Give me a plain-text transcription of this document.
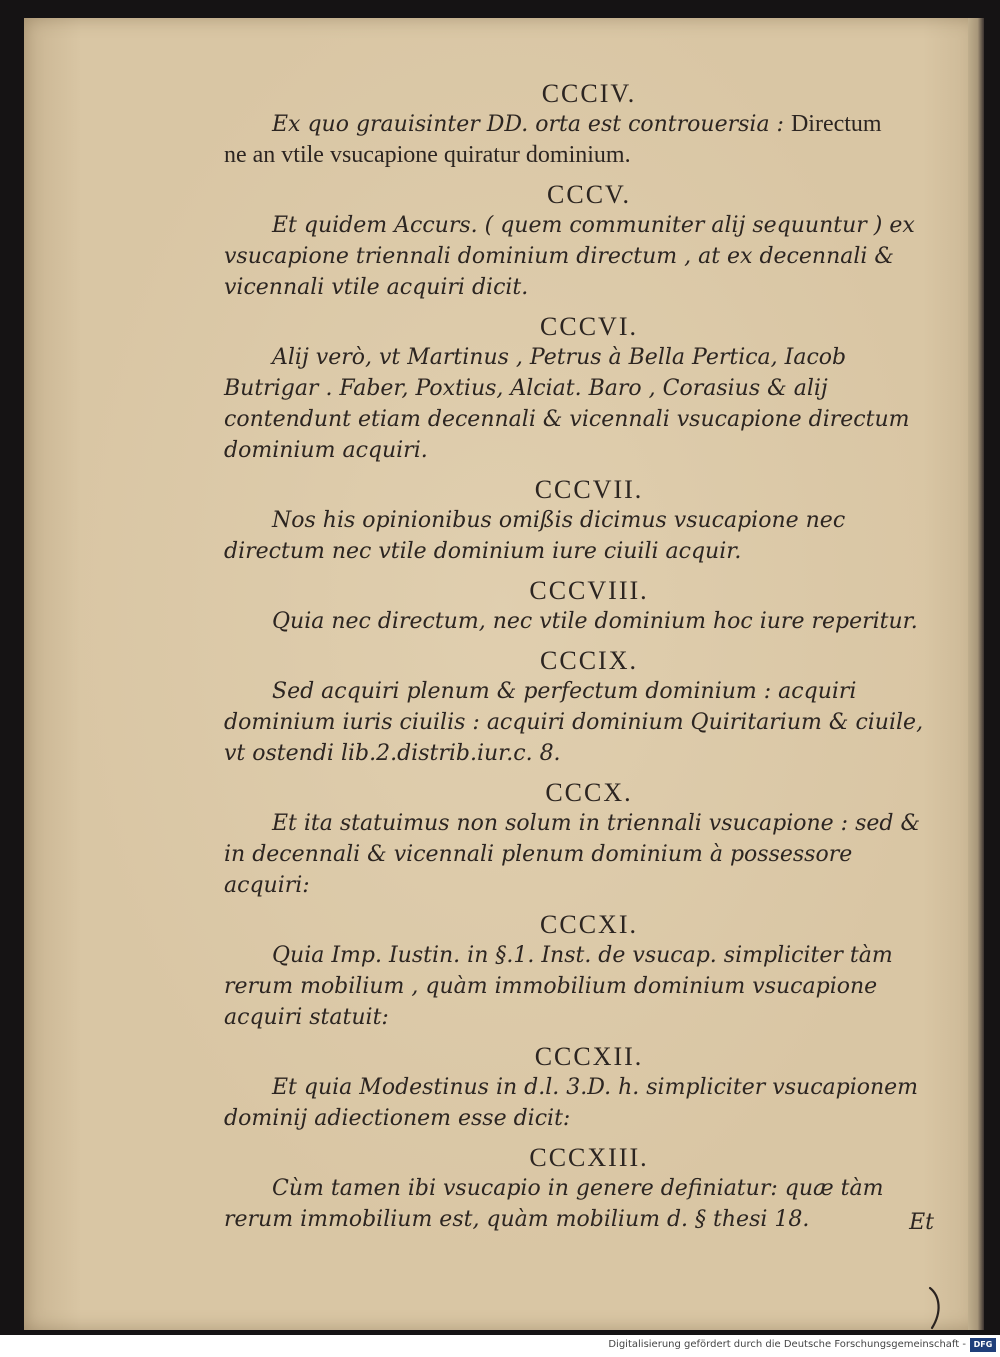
CCCIV.
Ex quo grauisinter DD. orta est controuersia : Directum
ne an vtile vsucapione quiratur dominium.
CCCV.
Et quidem Accurs. ( quem communiter alij sequuntur ) ex vsucapione triennali dominium directum , at ex decennali & vicennali vtile acquiri dicit.
CCCVI.
Alij verò, vt Martinus , Petrus à Bella Pertica, Iacob Butrigar . Faber, Poxtius, Alciat. Baro , Corasius & alij contendunt etiam decennali & vicennali vsucapione directum dominium acquiri.
CCCVII.
Nos his opinionibus omißis dicimus vsucapione nec directum nec vtile dominium iure ciuili acquir.
CCCVIII.
Quia nec directum, nec vtile dominium hoc iure reperitur.
CCCIX.
Sed acquiri plenum & perfectum dominium : acquiri dominium iuris ciuilis : acquiri dominium Quiritarium & ciuile, vt ostendi lib.2.distrib.iur.c. 8.
CCCX.
Et ita statuimus non solum in triennali vsucapione : sed & in decennali & vicennali plenum dominium à possessore acquiri:
CCCXI.
Quia Imp. Iustin. in §.1. Inst. de vsucap. simpliciter tàm rerum mobilium , quàm immobilium dominium vsucapione acquiri statuit:
CCCXII.
Et quia Modestinus in d.l. 3.D. h. simpliciter vsucapionem dominij adiectionem esse dicit:
CCCXIII.
Cùm tamen ibi vsucapio in genere definiatur: quæ tàm rerum immobilium est, quàm mobilium d. § thesi 18.	Et
Digitalisierung gefördert durch die Deutsche Forschungsgemeinschaft - DFG
